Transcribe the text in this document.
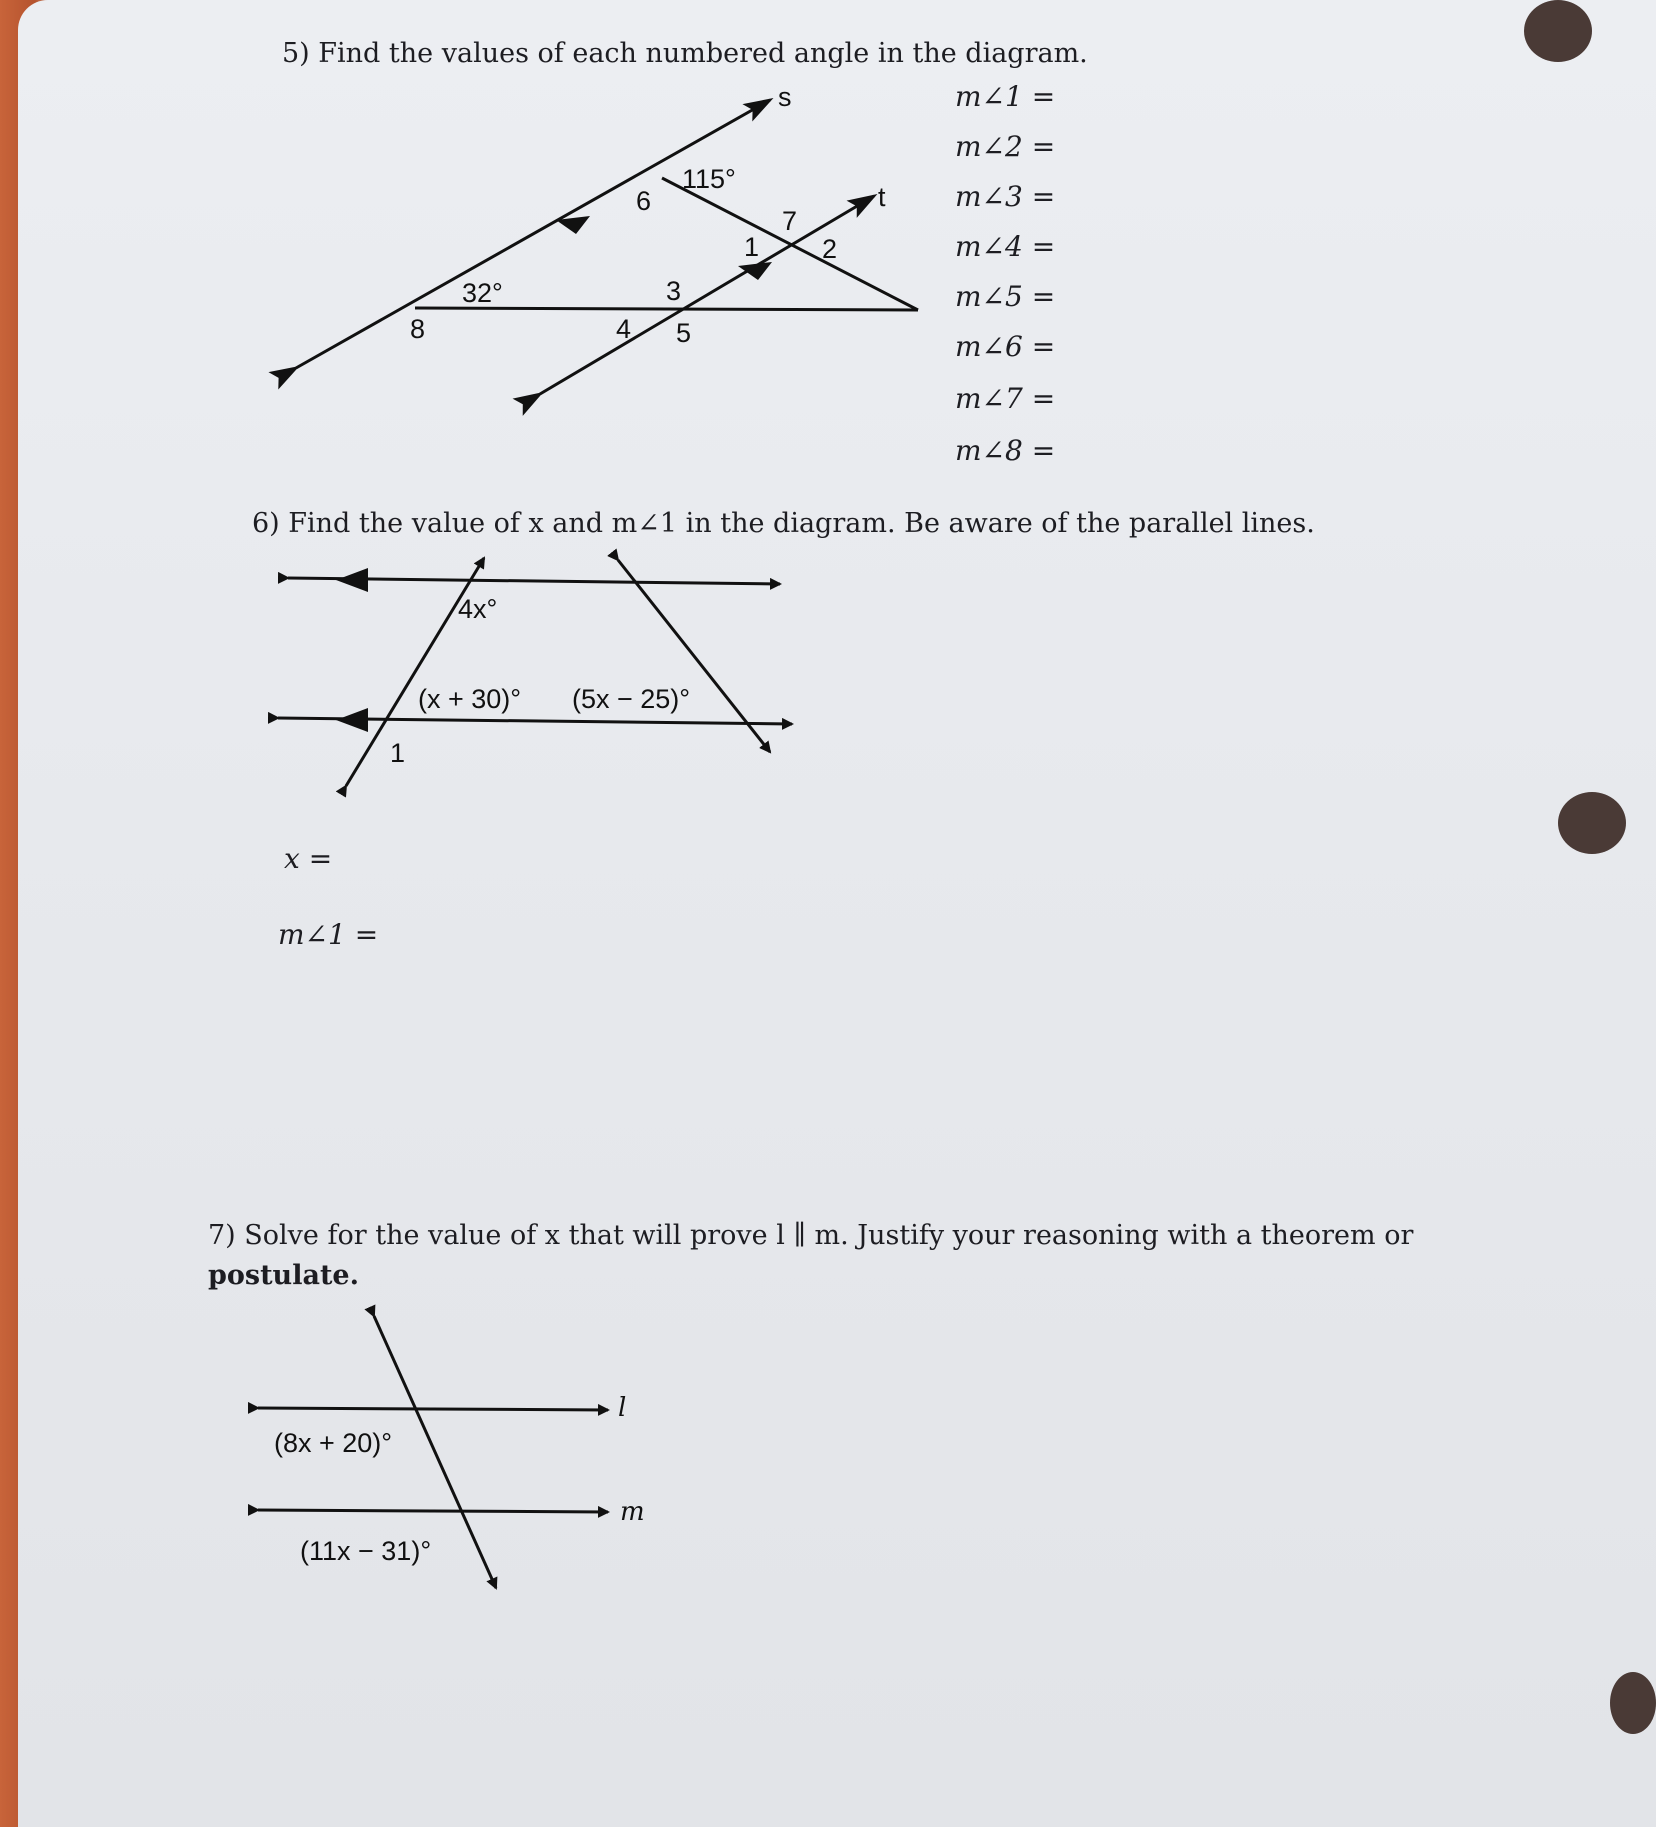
5) Find the values of each numbered angle in the diagram.
m∠1 =
m∠2 =
m∠3 =
m∠4 =
m∠5 =
m∠6 =
m∠7 =
m∠8 =
s
t
115°
32°
1 2
3
4 5
6
7
8
4x°
(x + 30)° (5x − 25)°
1
l
m
(8x + 20)°
(11x − 31)°
6) Find the value of x and m∠1 in the diagram. Be aware of the parallel lines.
x =
m∠1 =
7) Solve for the value of x that will prove l ∥ m. Justify your reasoning with a theorem or
postulate.
